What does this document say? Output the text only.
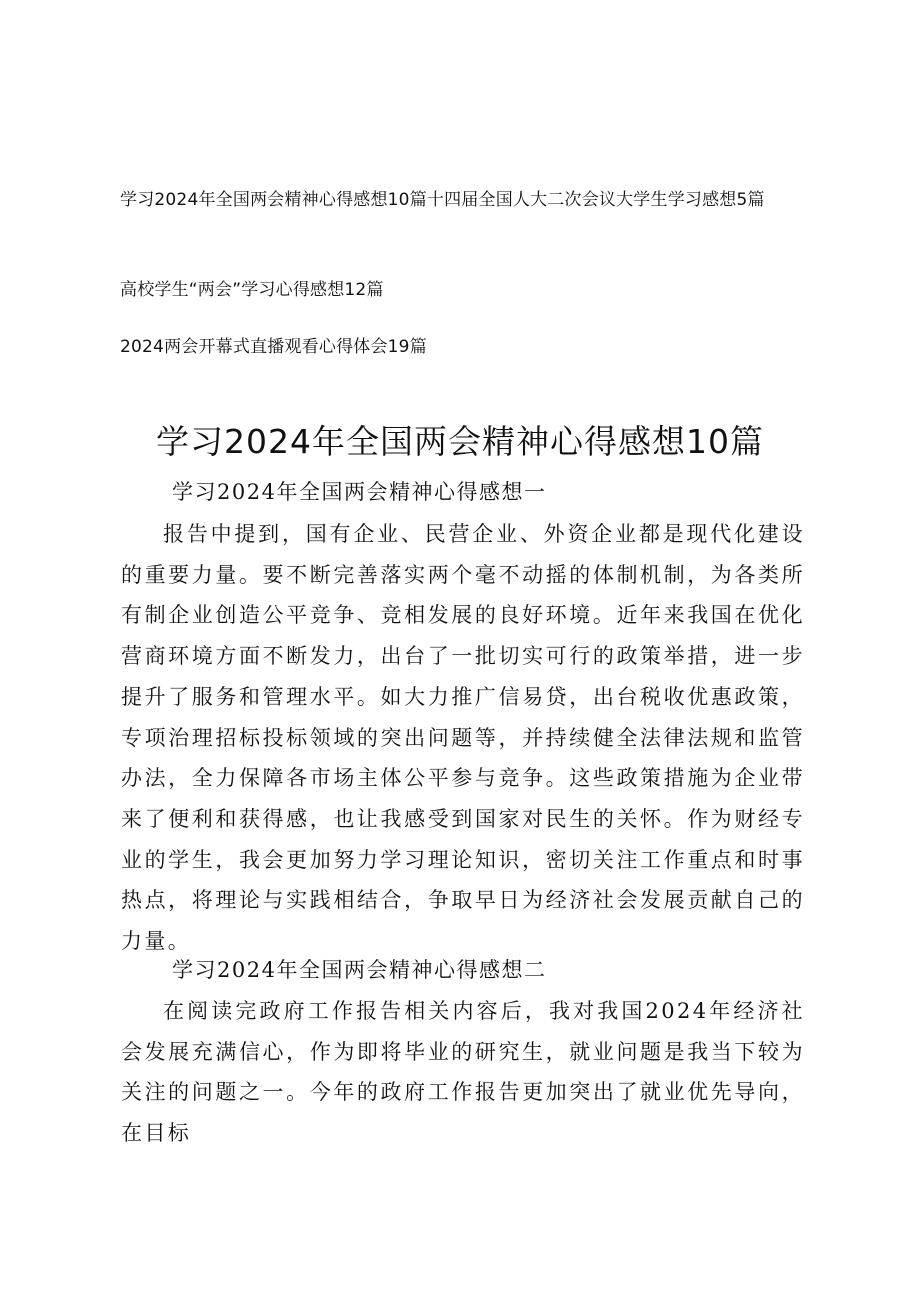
学习2024年全国两会精神心得感想10篇十四届全国人大二次会议大学生学习感想5篇
高校学生“两会”学习心得感想12篇
2024两会开幕式直播观看心得体会19篇
学习2024年全国两会精神心得感想10篇
学习2024年全国两会精神心得感想一

报告中提到，国有企业、民营企业、外资企业都是现代化建设的重要力量。要不断完善落实两个毫不动摇的体制机制，为各类所有制企业创造公平竞争、竞相发展的良好环境。近年来我国在优化营商环境方面不断发力，出台了一批切实可行的政策举措，进一步提升了服务和管理水平。如大力推广信易贷，出台税收优惠政策，专项治理招标投标领域的突出问题等，并持续健全法律法规和监管办法，全力保障各市场主体公平参与竞争。这些政策措施为企业带来了便利和获得感，也让我感受到国家对民生的关怀。作为财经专业的学生，我会更加努力学习理论知识，密切关注工作重点和时事热点，将理论与实践相结合，争取早日为经济社会发展贡献自己的力量。

学习2024年全国两会精神心得感想二

在阅读完政府工作报告相关内容后，我对我国2024年经济社会发展充满信心，作为即将毕业的研究生，就业问题是我当下较为关注的问题之一。今年的政府工作报告更加突出了就业优先导向，在目标
